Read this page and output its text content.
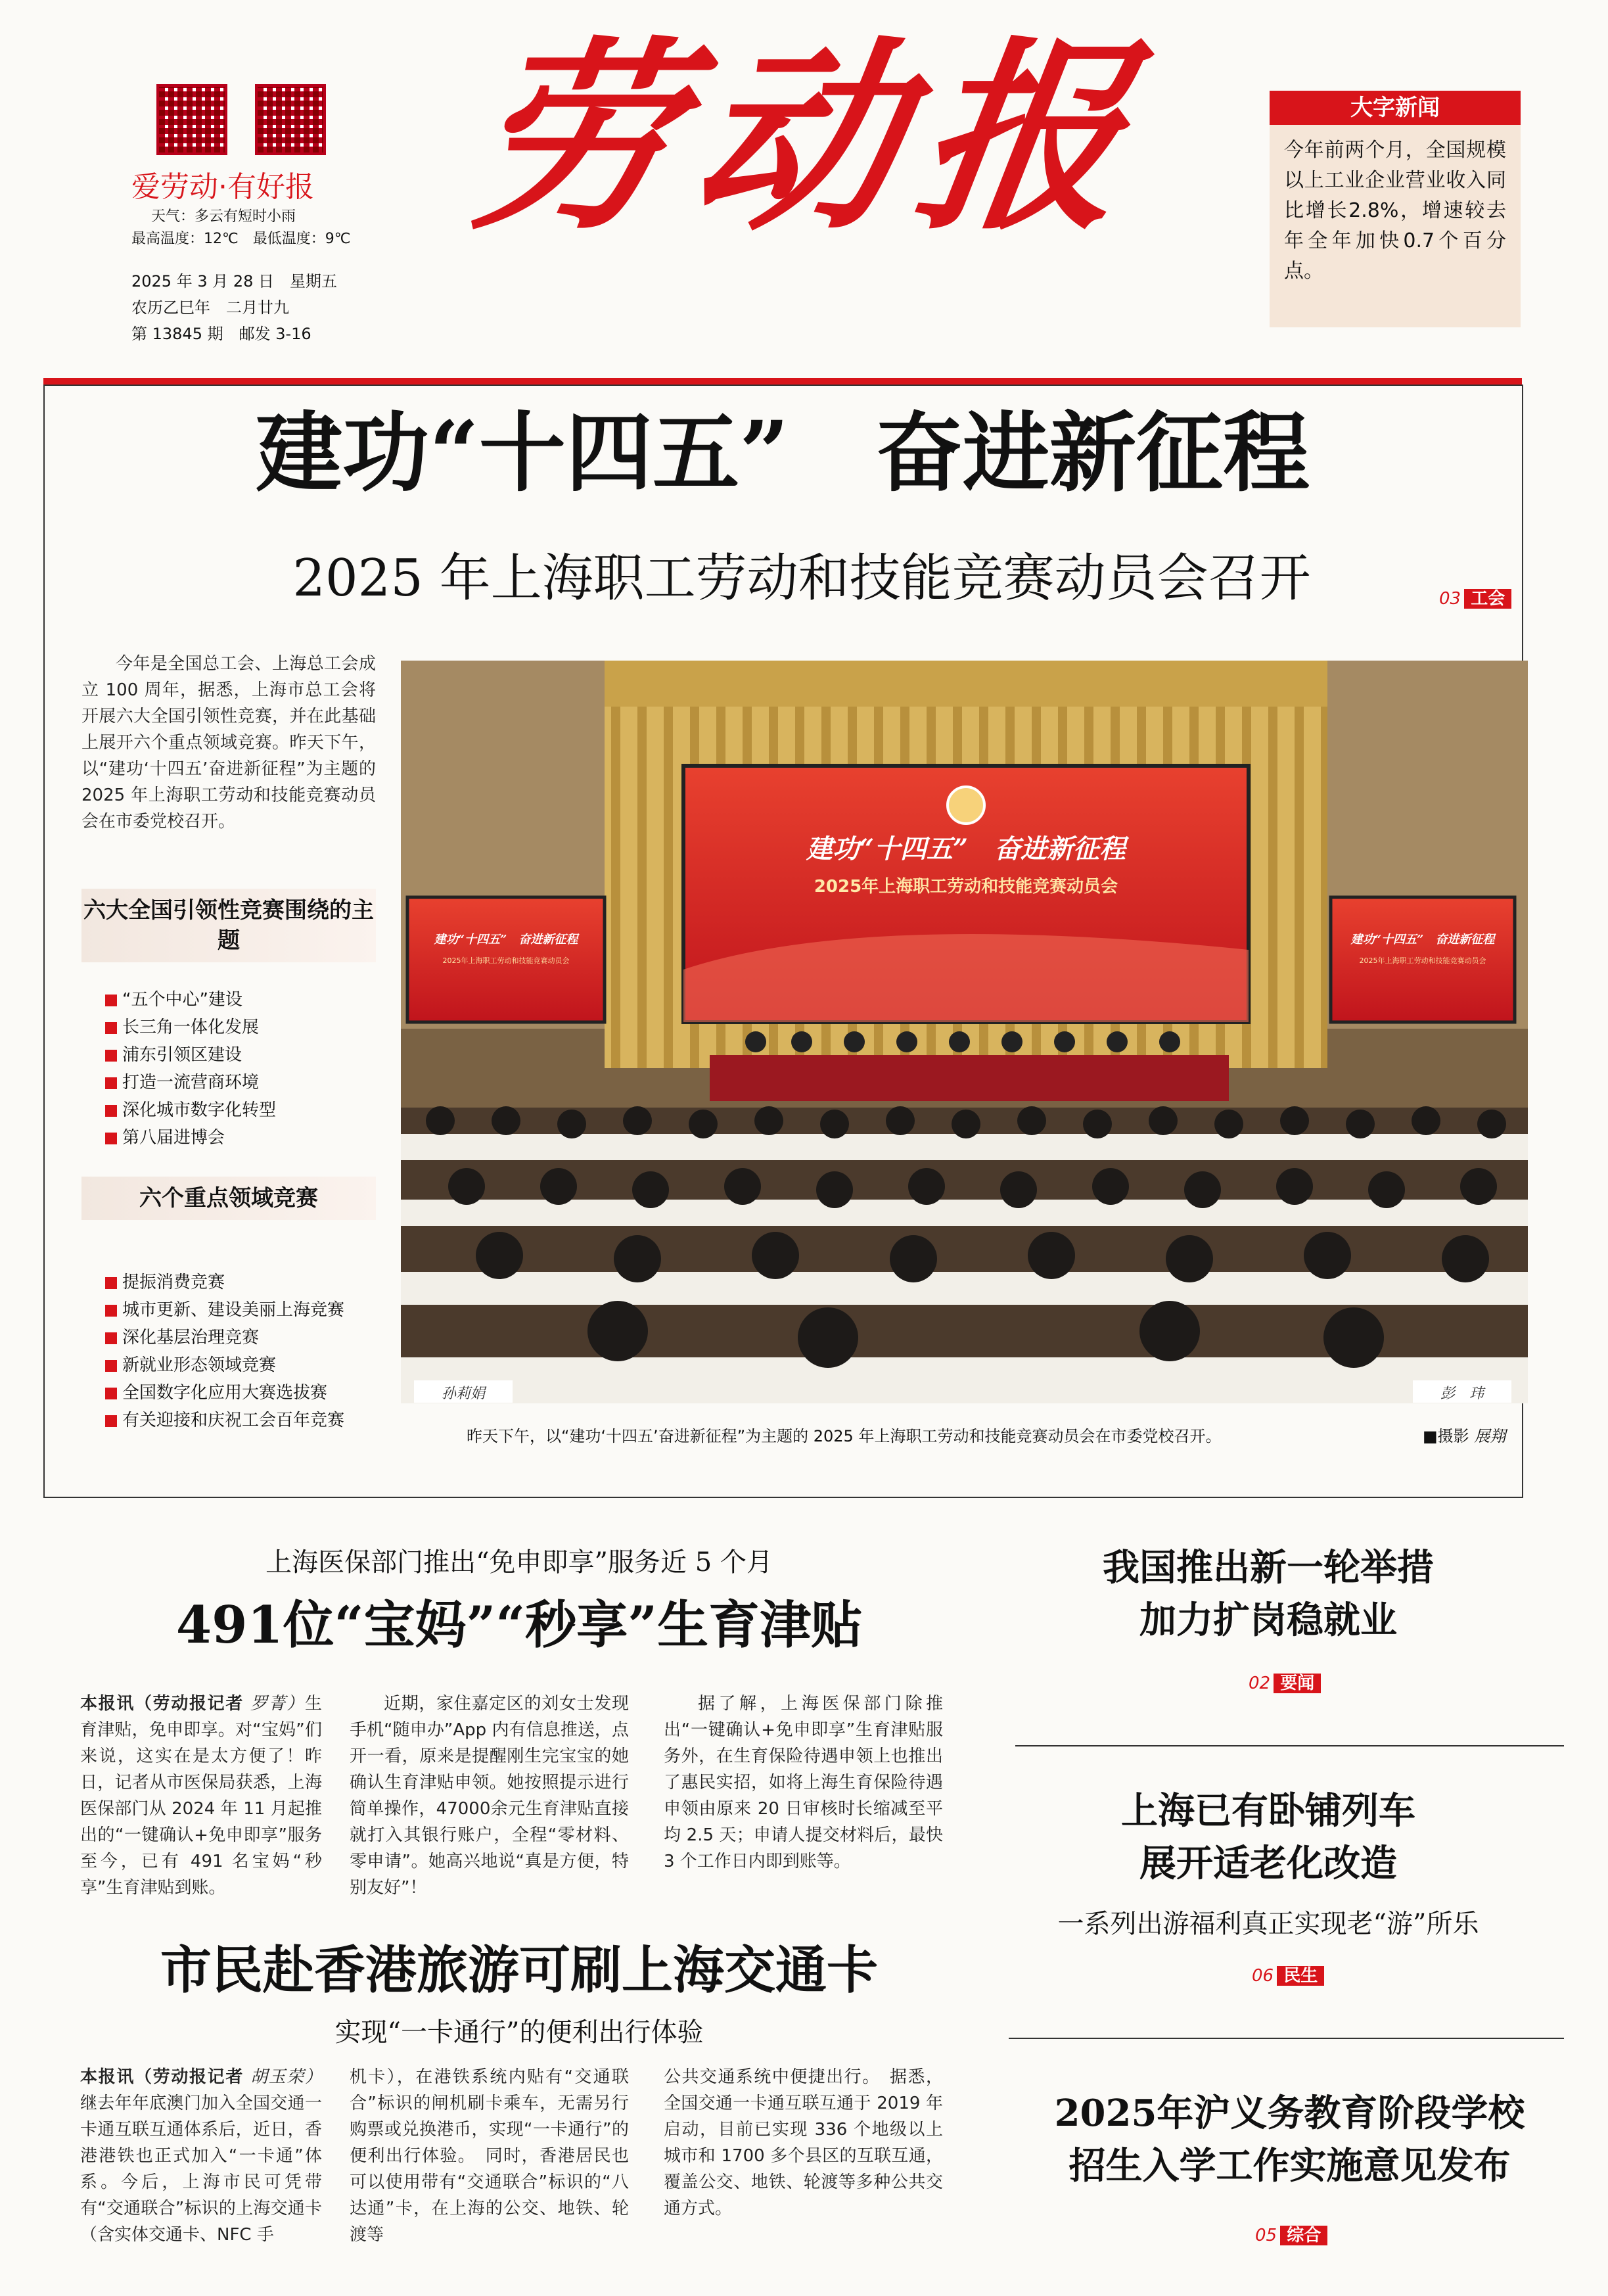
爱劳动·有好报
天气：多云有短时小雨
最高温度：12℃　最低温度：9℃
2025 年 3 月 28 日　星期五
农历乙巳年　二月廿九
第 13845 期　邮发 3-16
劳动报	大字新闻
今年前两个月，全国规模以上工业企业营业收入同比增长2.8%，增速较去年全年加快0.7个百分点。
建功“十四五”　奋进新征程
2025 年上海职工劳动和技能竞赛动员会召开	03 工会
今年是全国总工会、上海总工会成立 100 周年，据悉，上海市总工会将开展六大全国引领性竞赛，并在此基础上展开六个重点领域竞赛。昨天下午，以“建功‘十四五’奋进新征程”为主题的 2025 年上海职工劳动和技能竞赛动员会在市委党校召开。
六大全国引领性竞赛围绕的主题
“五个中心”建设
长三角一体化发展
浦东引领区建设
打造一流营商环境
深化城市数字化转型
第八届进博会
六个重点领域竞赛
提振消费竞赛
城市更新、建设美丽上海竞赛
深化基层治理竞赛
新就业形态领域竞赛
全国数字化应用大赛选拔赛
有关迎接和庆祝工会百年竞赛
建功“十四五”　奋进新征程
2025年上海职工劳动和技能竞赛动员会
建功“十四五”　奋进新征程
2025年上海职工劳动和技能竞赛动员会
建功“十四五”　奋进新征程
2025年上海职工劳动和技能竞赛动员会
孙莉娟	彭　玮
昨天下午，以“建功‘十四五’奋进新征程”为主题的 2025 年上海职工劳动和技能竞赛动员会在市委党校召开。	■摄影 展翔
上海医保部门推出“免申即享”服务近 5 个月
491位“宝妈”“秒享”生育津贴
本报讯（劳动报记者 罗菁）生育津贴，免申即享。对“宝妈”们来说，这实在是太方便了！昨日，记者从市医保局获悉，上海医保部门从 2024 年 11 月起推出的“一键确认+免申即享”服务至今，已有 491 名宝妈“秒享”生育津贴到账。
近期，家住嘉定区的刘女士发现手机“随申办”App 内有信息推送，点开一看，原来是提醒刚生完宝宝的她确认生育津贴申领。她按照提示进行简单操作，47000余元生育津贴直接就打入其银行账户，全程“零材料、零申请”。她高兴地说“真是方便，特别友好”！
据了解，上海医保部门除推出“一键确认+免申即享”生育津贴服务外，在生育保险待遇申领上也推出了惠民实招，如将上海生育保险待遇申领由原来 20 日审核时长缩减至平均 2.5 天；申请人提交材料后，最快 3 个工作日内即到账等。
市民赴香港旅游可刷上海交通卡
实现“一卡通行”的便利出行体验
本报讯（劳动报记者 胡玉荣）继去年年底澳门加入全国交通一卡通互联互通体系后，近日，香港港铁也正式加入“一卡通”体系。今后，上海市民可凭带有“交通联合”标识的上海交通卡（含实体交通卡、NFC 手
机卡），在港铁系统内贴有“交通联合”标识的闸机刷卡乘车，无需另行购票或兑换港币，实现“一卡通行”的便利出行体验。　同时，香港居民也可以使用带有“交通联合”标识的“八达通”卡，在上海的公交、地铁、轮渡等
公共交通系统中便捷出行。　据悉，全国交通一卡通互联互通于 2019 年启动，目前已实现 336 个地级以上城市和 1700 多个县区的互联互通，覆盖公交、地铁、轮渡等多种公共交通方式。
我国推出新一轮举措
加力扩岗稳就业
02 要闻
上海已有卧铺列车
展开适老化改造
一系列出游福利真正实现老“游”所乐
06 民生
2025年沪义务教育阶段学校
招生入学工作实施意见发布
05 综合
